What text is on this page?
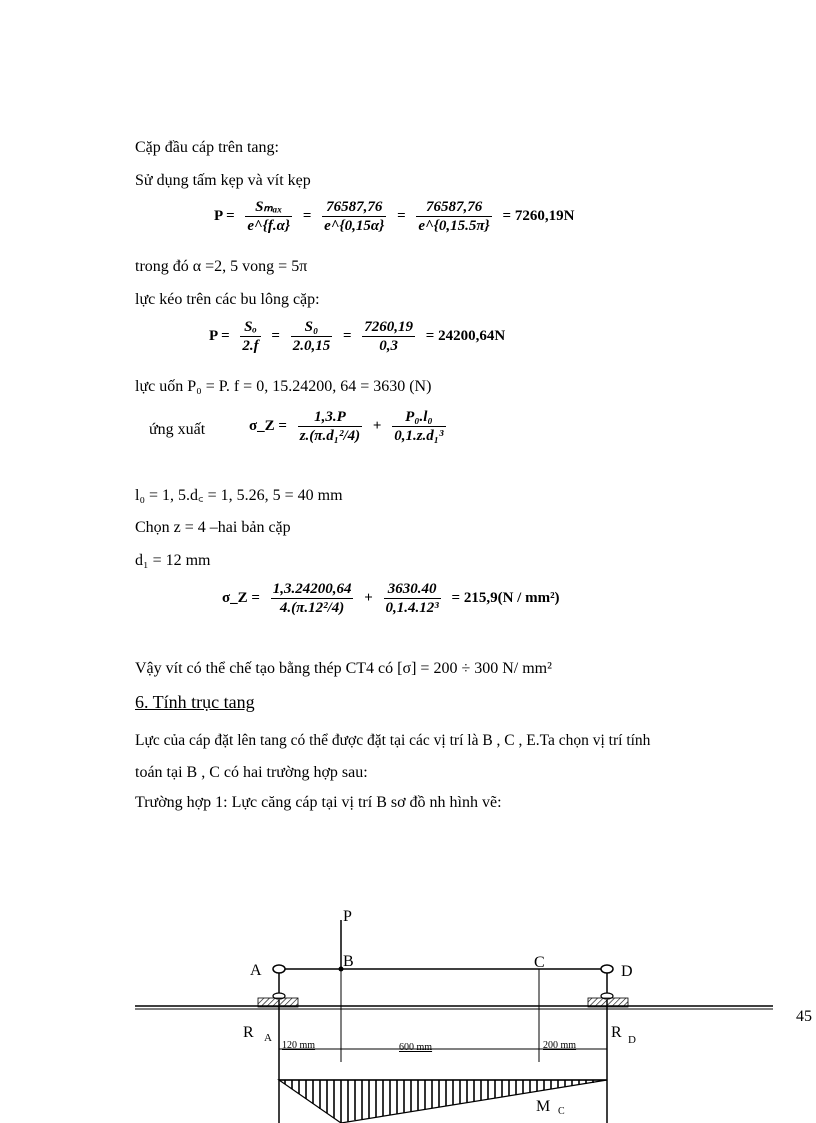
Cặp đầu cáp trên tang:
Sử dụng tấm kẹp và vít kẹp
$P = \frac{\text{Sₘₐₓ}}{e\^{}\{f.\alpha\}} = \frac{76587,76}{e\^{}\{0,15\alpha\}} = \frac{76587,76}{e\^{}\{0,15.5\pi\}} = 7260,19N$
trong đó α =2, 5 vong = 5π
lực kéo trên các bu lông cặp:
$P = \frac{\text{Sₒ}}{2.f} = \frac{\text{S₀}}{2.0,15} = \frac{7260,19}{0,3} = 24200,64N$
lực uốn P₀ = P. f = 0, 15.24200, 64 = 3630 (N)
ứng xuất	σ_Z = $\frac{1,3.P}{\text{z.(π.d₁²/4)}} + \frac{\text{P₀.l₀}}{\text{0,1.z.d₁³}}$
l₀ = 1, 5.d꜀ = 1, 5.26, 5 = 40 mm
Chọn z = 4 –hai bản cặp
d₁ = 12 mm
σ_Z = $\frac{1,3.24200,64}{\text{4.(π.12²/4)}} + \frac{3630.40}{\text{0,1.4.12³}} = 215,9(N / mm^2)$
Vậy vít có thể chế tạo bằng thép CT4 có [σ] = 200 ÷ 300 N/ mm²
6. Tính trục tang
Lực của cáp đặt lên tang có thể được đặt tại các vị trí là B , C , E.Ta chọn vị trí tính
toán tại B , C có hai trường hợp sau:
Trường hợp 1: Lực căng cáp tại vị trí B sơ đồ nh hình vẽ:
P
A
B	C
D
R A	R D
120 mm	600 mm	200 mm
M C
45
